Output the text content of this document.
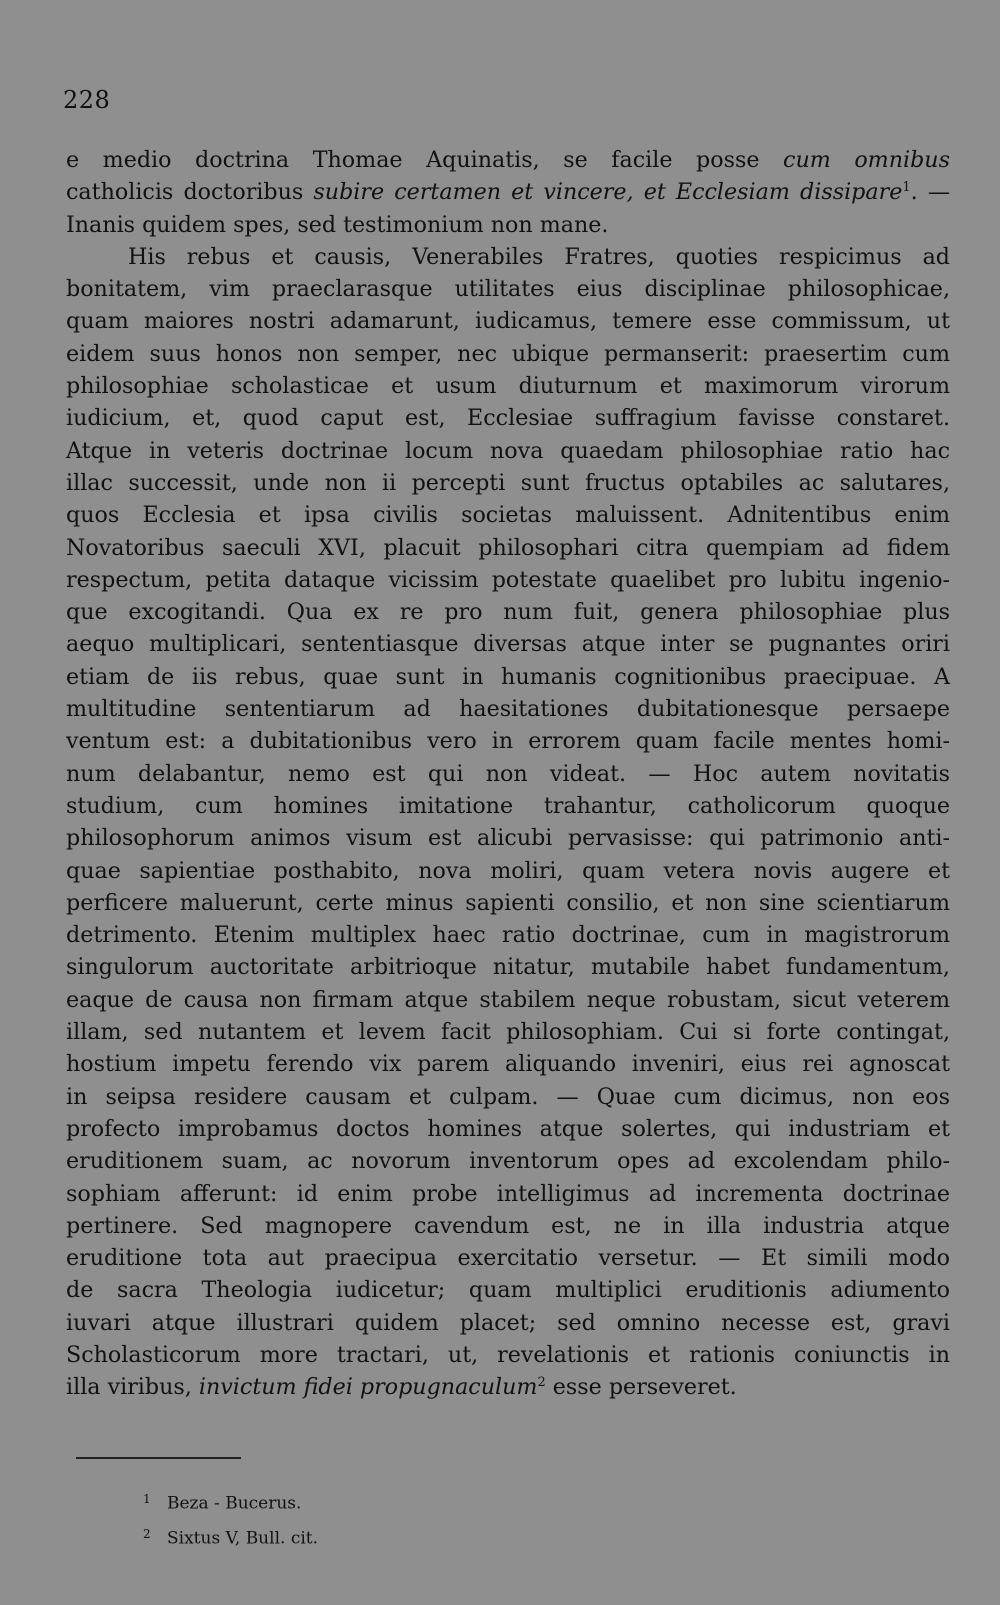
228
e medio doctrina Thomae Aquinatis, se facile posse cum omnibus
catholicis doctoribus subire certamen et vincere, et Ecclesiam dissipare$^1$. —
Inanis quidem spes, sed testimonium non mane.
His rebus et causis, Venerabiles Fratres, quoties respicimus ad
bonitatem, vim praeclarasque utilitates eius disciplinae philosophicae,
quam maiores nostri adamarunt, iudicamus, temere esse commissum, ut
eidem suus honos non semper, nec ubique permanserit: praesertim cum
philosophiae scholasticae et usum diuturnum et maximorum virorum
iudicium, et, quod caput est, Ecclesiae suffragium favisse constaret.
Atque in veteris doctrinae locum nova quaedam philosophiae ratio hac
illac successit, unde non ii percepti sunt fructus optabiles ac salutares,
quos Ecclesia et ipsa civilis societas maluissent. Adnitentibus enim
Novatoribus saeculi XVI, placuit philosophari citra quempiam ad fidem
respectum, petita dataque vicissim potestate quaelibet pro lubitu ingenio-
que excogitandi. Qua ex re pro num fuit, genera philosophiae plus
aequo multiplicari, sententiasque diversas atque inter se pugnantes oriri
etiam de iis rebus, quae sunt in humanis cognitionibus praecipuae. A
multitudine sententiarum ad haesitationes dubitationesque persaepe
ventum est: a dubitationibus vero in errorem quam facile mentes homi-
num delabantur, nemo est qui non videat. — Hoc autem novitatis
studium, cum homines imitatione trahantur, catholicorum quoque
philosophorum animos visum est alicubi pervasisse: qui patrimonio anti-
quae sapientiae posthabito, nova moliri, quam vetera novis augere et
perficere maluerunt, certe minus sapienti consilio, et non sine scientiarum
detrimento. Etenim multiplex haec ratio doctrinae, cum in magistrorum
singulorum auctoritate arbitrioque nitatur, mutabile habet fundamentum,
eaque de causa non firmam atque stabilem neque robustam, sicut veterem
illam, sed nutantem et levem facit philosophiam. Cui si forte contingat,
hostium impetu ferendo vix parem aliquando inveniri, eius rei agnoscat
in seipsa residere causam et culpam. — Quae cum dicimus, non eos
profecto improbamus doctos homines atque solertes, qui industriam et
eruditionem suam, ac novorum inventorum opes ad excolendam philo-
sophiam afferunt: id enim probe intelligimus ad incrementa doctrinae
pertinere. Sed magnopere cavendum est, ne in illa industria atque
eruditione tota aut praecipua exercitatio versetur. — Et simili modo
de sacra Theologia iudicetur; quam multiplici eruditionis adiumento
iuvari atque illustrari quidem placet; sed omnino necesse est, gravi
Scholasticorum more tractari, ut, revelationis et rationis coniunctis in
illa viribus, invictum fidei propugnaculum$^2$ esse perseveret.
1 Beza - Bucerus.
2 Sixtus V, Bull. cit.
